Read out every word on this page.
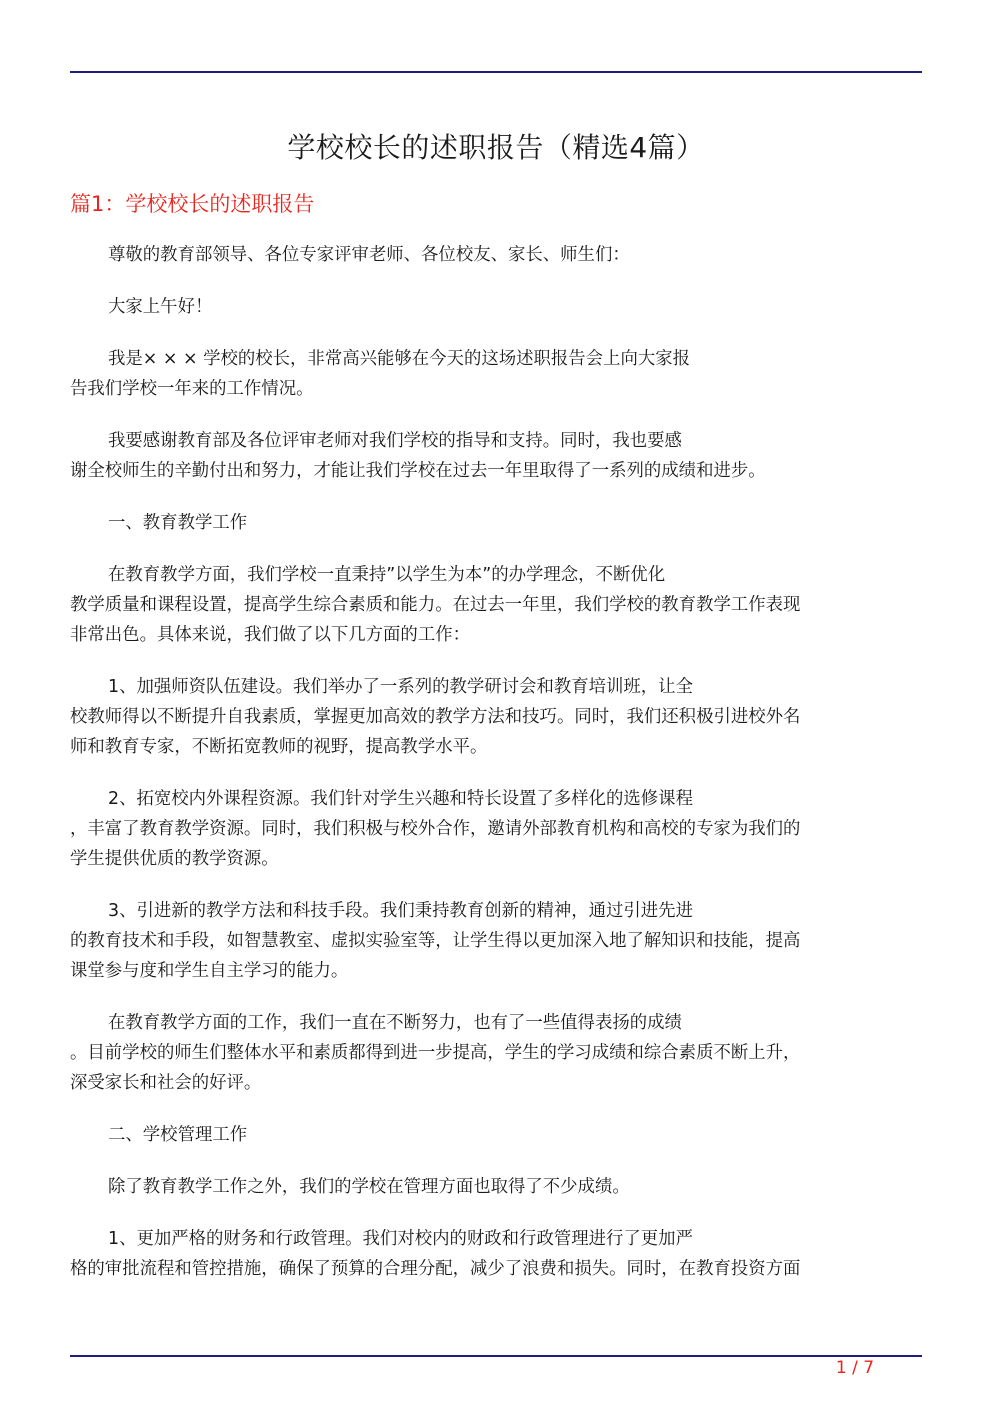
学校校长的述职报告（精选4篇）
篇1：学校校长的述职报告
尊敬的教育部领导、各位专家评审老师、各位校友、家长、师生们：
大家上午好！
我是× × × 学校的校长，非常高兴能够在今天的这场述职报告会上向大家报
告我们学校一年来的工作情况。
我要感谢教育部及各位评审老师对我们学校的指导和支持。同时，我也要感
谢全校师生的辛勤付出和努力，才能让我们学校在过去一年里取得了一系列的成绩和进步。
一、教育教学工作
在教育教学方面，我们学校一直秉持”以学生为本”的办学理念，不断优化
教学质量和课程设置，提高学生综合素质和能力。在过去一年里，我们学校的教育教学工作表现
非常出色。具体来说，我们做了以下几方面的工作：
1、加强师资队伍建设。我们举办了一系列的教学研讨会和教育培训班，让全
校教师得以不断提升自我素质，掌握更加高效的教学方法和技巧。同时，我们还积极引进校外名
师和教育专家，不断拓宽教师的视野，提高教学水平。
2、拓宽校内外课程资源。我们针对学生兴趣和特长设置了多样化的选修课程
，丰富了教育教学资源。同时，我们积极与校外合作，邀请外部教育机构和高校的专家为我们的
学生提供优质的教学资源。
3、引进新的教学方法和科技手段。我们秉持教育创新的精神，通过引进先进
的教育技术和手段，如智慧教室、虚拟实验室等，让学生得以更加深入地了解知识和技能，提高
课堂参与度和学生自主学习的能力。
在教育教学方面的工作，我们一直在不断努力，也有了一些值得表扬的成绩
。目前学校的师生们整体水平和素质都得到进一步提高，学生的学习成绩和综合素质不断上升，
深受家长和社会的好评。
二、学校管理工作
除了教育教学工作之外，我们的学校在管理方面也取得了不少成绩。
1、更加严格的财务和行政管理。我们对校内的财政和行政管理进行了更加严
格的审批流程和管控措施，确保了预算的合理分配，减少了浪费和损失。同时，在教育投资方面
1 / 7
